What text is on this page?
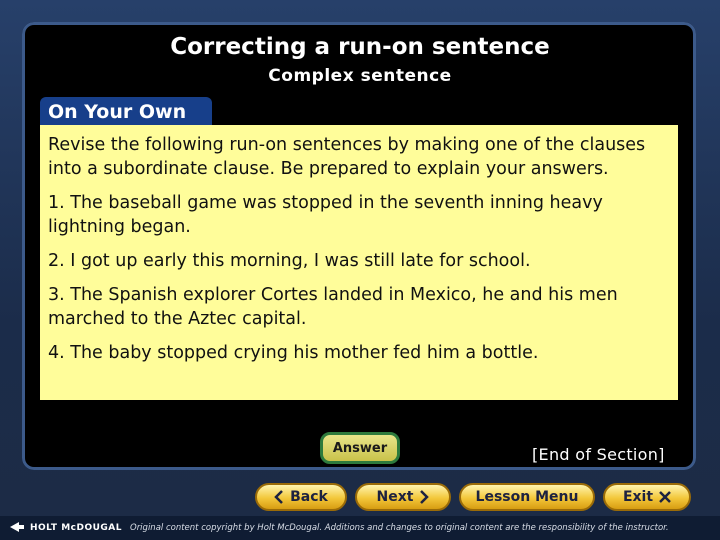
Correcting a run-on sentence
Complex sentence
On Your Own

Revise the following run-on sentences by making one of the clauses into a subordinate clause. Be prepared to explain your answers.

1. The baseball game was stopped in the seventh inning heavy lightning began.

2. I got up early this morning, I was still late for school.

3. The Spanish explorer Cortes landed in Mexico, he and his men marched to the Aztec capital.

4. The baby stopped crying his mother fed him a bottle.

Answer	[End of Section]
Back	Next	Lesson Menu	Exit
HOLT McDOUGAL Original content copyright by Holt McDougal. Additions and changes to original content are the responsibility of the instructor.
